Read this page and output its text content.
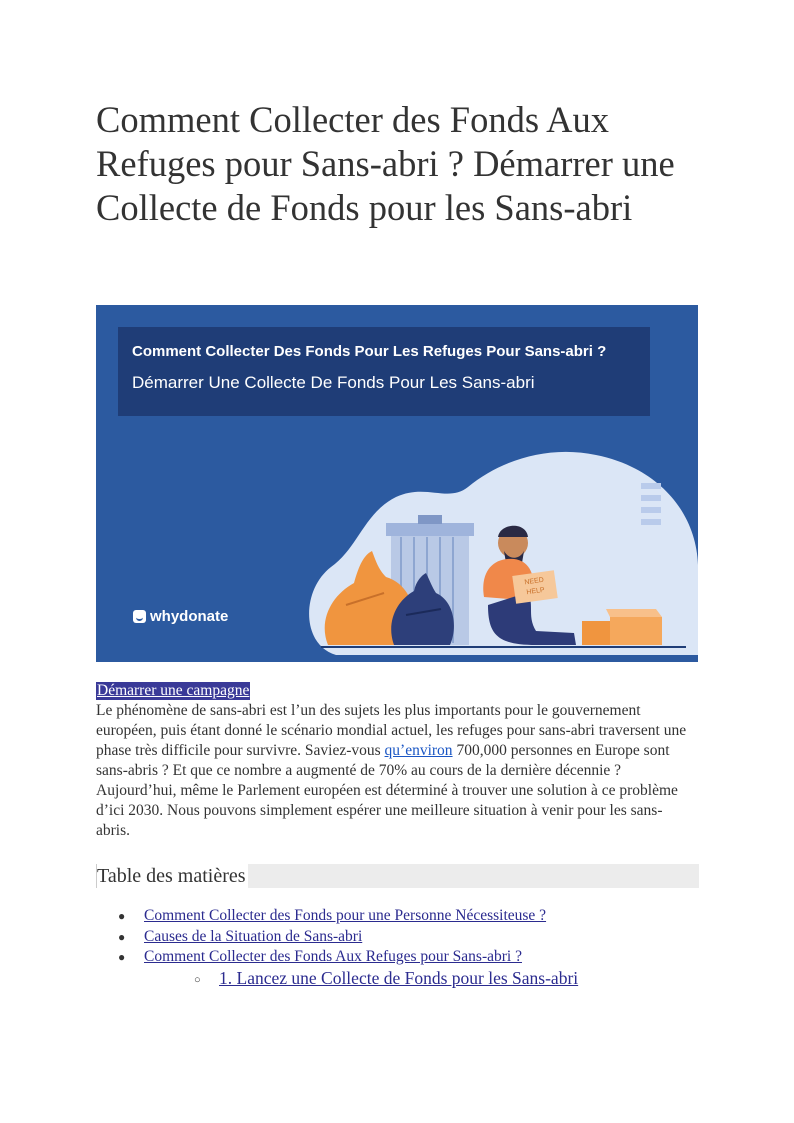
Comment Collecter des Fonds Aux Refuges pour Sans-abri ? Démarrer une Collecte de Fonds pour les Sans-abri
NEED
HELP
Comment Collecter Des Fonds Pour Les Refuges Pour Sans-abri ?
Démarrer Une Collecte De Fonds Pour Les Sans-abri
whydonate
Démarrer une campagne

Le phénomène de sans-abri est l’un des sujets les plus importants pour le gouvernement européen, puis étant donné le scénario mondial actuel, les refuges pour sans-abri traversent une phase très difficile pour survivre. Saviez-vous qu’environ 700,000 personnes en Europe sont sans-abris ? Et que ce nombre a augmenté de 70% au cours de la dernière décennie ? Aujourd’hui, même le Parlement européen est déterminé à trouver une solution à ce problème d’ici 2030. Nous pouvons simplement espérer une meilleure situation à venir pour les sans-abris.

Table des matières
● Comment Collecter des Fonds pour une Personne Nécessiteuse ?
● Causes de la Situation de Sans-abri
● Comment Collecter des Fonds Aux Refuges pour Sans-abri ?
○ 1. Lancez une Collecte de Fonds pour les Sans-abri
